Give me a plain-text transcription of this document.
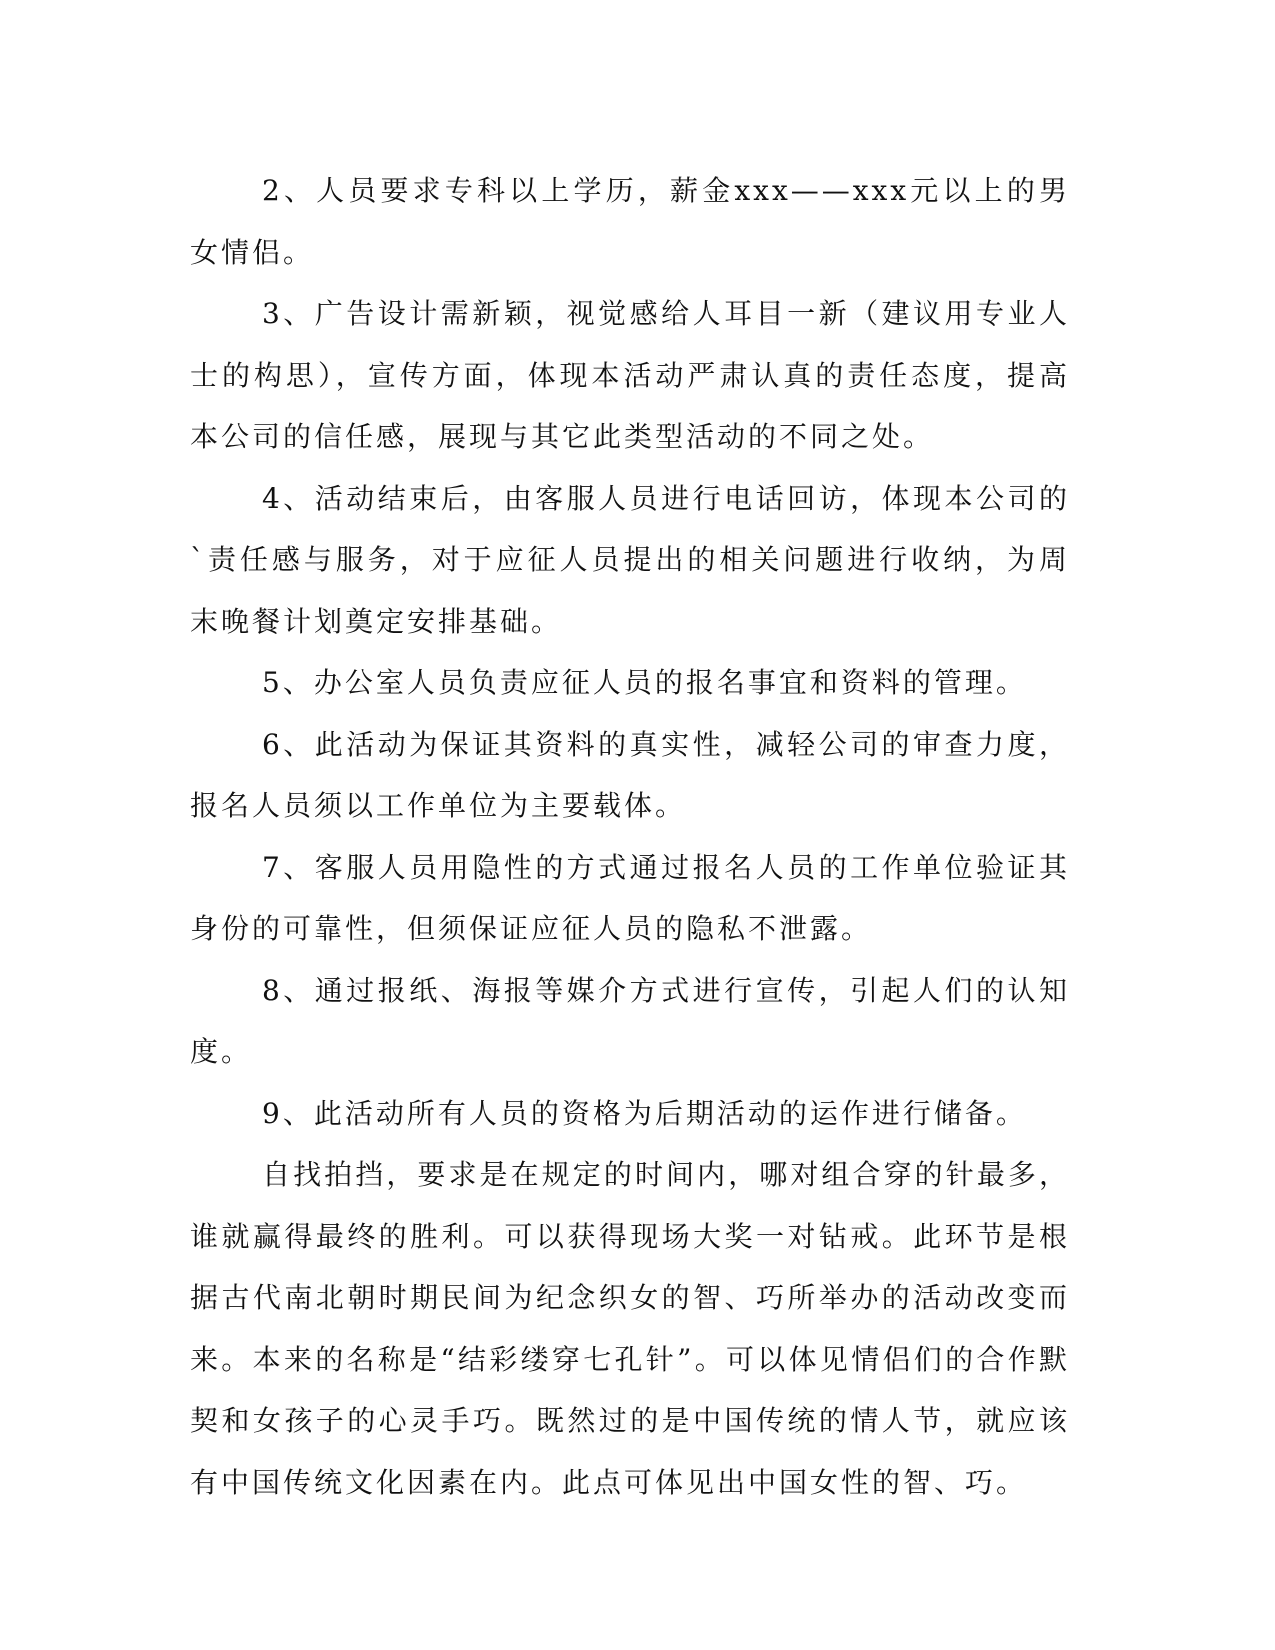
2、人员要求专科以上学历，薪金xxx——xxx元以上的男女情侣。

3、广告设计需新颖，视觉感给人耳目一新（建议用专业人士的构思），宣传方面，体现本活动严肃认真的责任态度，提高本公司的信任感，展现与其它此类型活动的不同之处。

4、活动结束后，由客服人员进行电话回访，体现本公司的`责任感与服务，对于应征人员提出的相关问题进行收纳，为周末晚餐计划奠定安排基础。

5、办公室人员负责应征人员的报名事宜和资料的管理。

6、此活动为保证其资料的真实性，减轻公司的审查力度，报名人员须以工作单位为主要载体。

7、客服人员用隐性的方式通过报名人员的工作单位验证其身份的可靠性，但须保证应征人员的隐私不泄露。

8、通过报纸、海报等媒介方式进行宣传，引起人们的认知度。

9、此活动所有人员的资格为后期活动的运作进行储备。

自找拍挡，要求是在规定的时间内，哪对组合穿的针最多，谁就赢得最终的胜利。可以获得现场大奖一对钻戒。此环节是根据古代南北朝时期民间为纪念织女的智、巧所举办的活动改变而来。本来的名称是“结彩缕穿七孔针”。可以体见情侣们的合作默契和女孩子的心灵手巧。既然过的是中国传统的情人节，就应该有中国传统文化因素在内。此点可体见出中国女性的智、巧。
